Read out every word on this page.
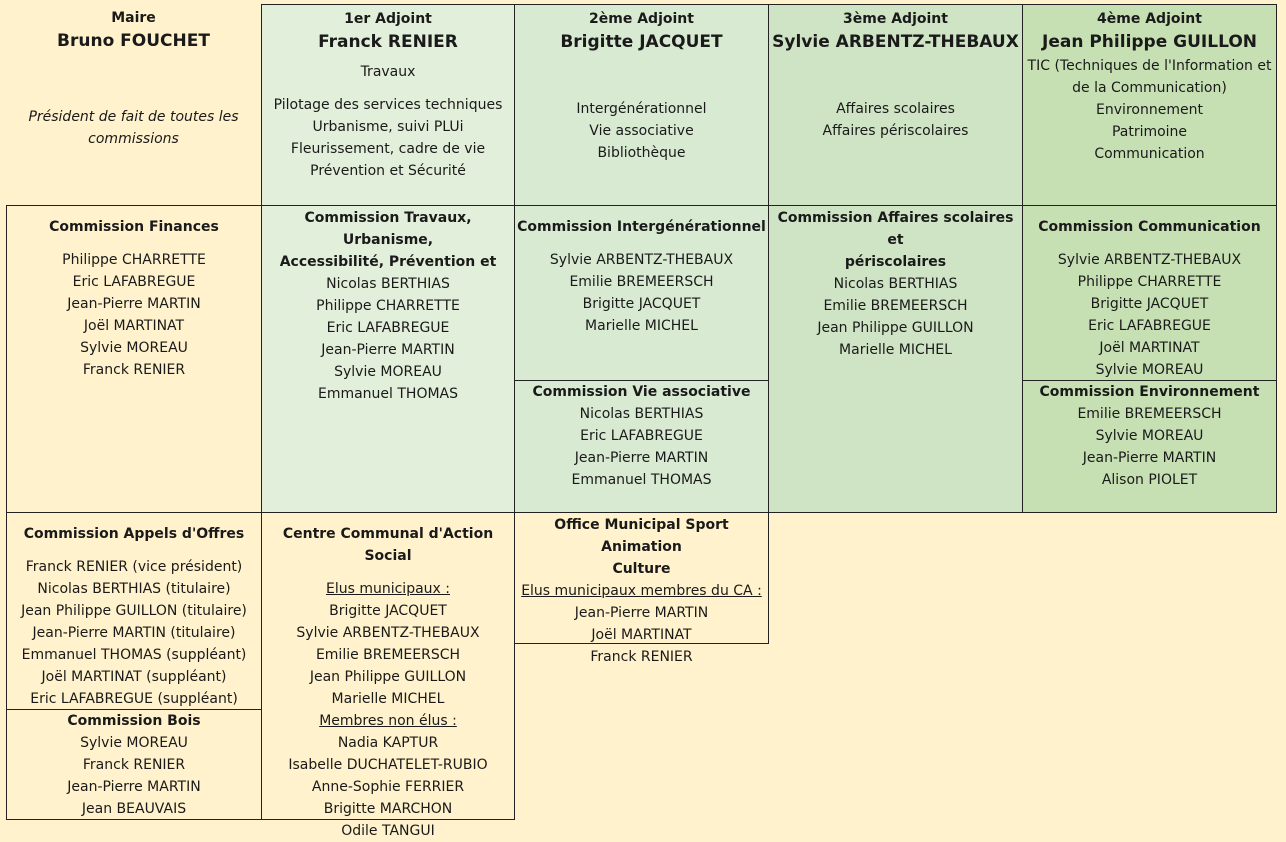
Maire
Bruno FOUCHET
Président de fait de toutes les
commissions
1er Adjoint
Franck RENIER
Travaux
Pilotage des services techniques
Urbanisme, suivi PLUi
Fleurissement, cadre de vie
Prévention et Sécurité
2ème Adjoint
Brigitte JACQUET
Intergénérationnel
Vie associative
Bibliothèque
3ème Adjoint
Sylvie ARBENTZ-THEBAUX
Affaires scolaires
Affaires périscolaires
4ème Adjoint
Jean Philippe GUILLON
TIC (Techniques de l'Information et
de la Communication)
Environnement
Patrimoine
Communication
Commission Finances
Philippe CHARRETTE
Eric LAFABREGUE
Jean-Pierre MARTIN
Joël MARTINAT
Sylvie MOREAU
Franck RENIER
Commission Travaux, Urbanisme,
Accessibilité, Prévention et
Nicolas BERTHIAS
Philippe CHARRETTE
Eric LAFABREGUE
Jean-Pierre MARTIN
Sylvie MOREAU
Emmanuel THOMAS
Commission Intergénérationnel
Sylvie ARBENTZ-THEBAUX
Emilie BREMEERSCH
Brigitte JACQUET
Marielle MICHEL
Commission Vie associative
Nicolas BERTHIAS
Eric LAFABREGUE
Jean-Pierre MARTIN
Emmanuel THOMAS
Commission Affaires scolaires et
périscolaires
Nicolas BERTHIAS
Emilie BREMEERSCH
Jean Philippe GUILLON
Marielle MICHEL
Commission Communication
Sylvie ARBENTZ-THEBAUX
Philippe CHARRETTE
Brigitte JACQUET
Eric LAFABREGUE
Joël MARTINAT
Sylvie MOREAU
Commission Environnement
Emilie BREMEERSCH
Sylvie MOREAU
Jean-Pierre MARTIN
Alison PIOLET
Commission Appels d'Offres
Franck RENIER (vice président)
Nicolas BERTHIAS (titulaire)
Jean Philippe GUILLON (titulaire)
Jean-Pierre MARTIN (titulaire)
Emmanuel THOMAS (suppléant)
Joël MARTINAT (suppléant)
Eric LAFABREGUE (suppléant)
Commission Bois
Sylvie MOREAU
Franck RENIER
Jean-Pierre MARTIN
Jean BEAUVAIS
Centre Communal d'Action Social
Elus municipaux :
Brigitte JACQUET
Sylvie ARBENTZ-THEBAUX
Emilie BREMEERSCH
Jean Philippe GUILLON
Marielle MICHEL
Membres non élus :
Nadia KAPTUR
Isabelle DUCHATELET-RUBIO
Anne-Sophie FERRIER
Brigitte MARCHON
Odile TANGUI
Office Municipal Sport Animation
Culture
Elus municipaux membres du CA :
Jean-Pierre MARTIN
Joël MARTINAT
Franck RENIER
